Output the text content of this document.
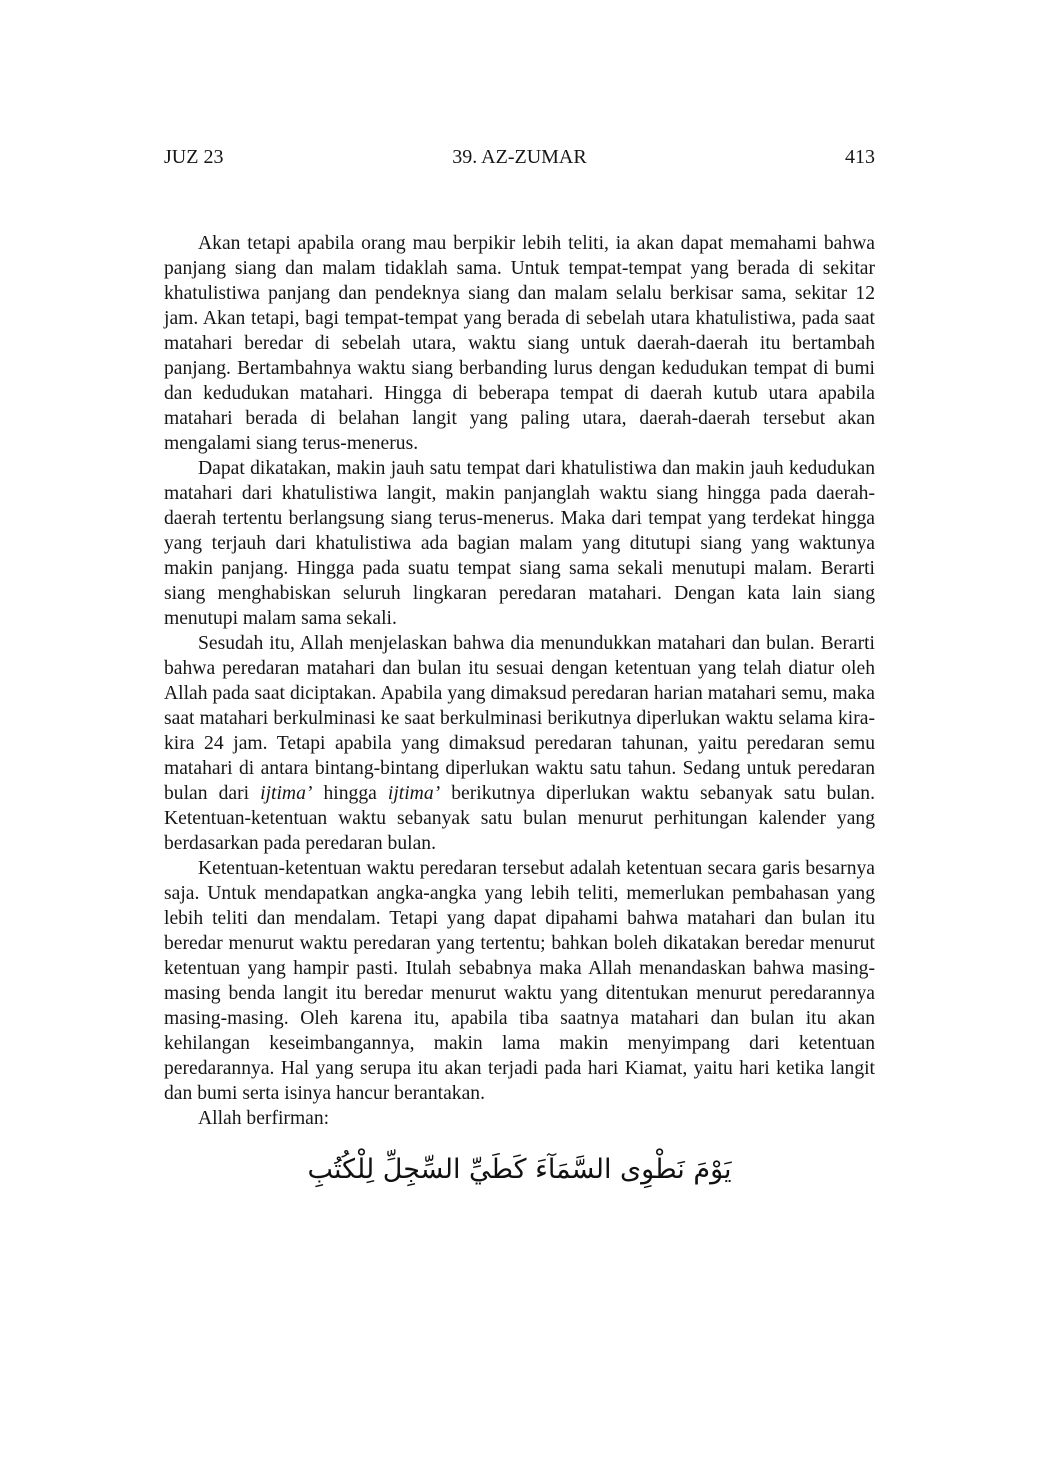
JUZ 23	39. AZ-ZUMAR	413

Akan tetapi apabila orang mau berpikir lebih teliti, ia akan dapat memahami bahwa panjang siang dan malam tidaklah sama. Untuk tempat-tempat yang berada di sekitar khatulistiwa panjang dan pendeknya siang dan malam selalu berkisar sama, sekitar 12 jam. Akan tetapi, bagi tempat-tempat yang berada di sebelah utara khatulistiwa, pada saat matahari beredar di sebelah utara, waktu siang untuk daerah-daerah itu bertambah panjang. Bertambahnya waktu siang berbanding lurus dengan kedudukan tempat di bumi dan kedudukan matahari. Hingga di beberapa tempat di daerah kutub utara apabila matahari berada di belahan langit yang paling utara, daerah-daerah tersebut akan mengalami siang terus-menerus.

Dapat dikatakan, makin jauh satu tempat dari khatulistiwa dan makin jauh kedudukan matahari dari khatulistiwa langit, makin panjanglah waktu siang hingga pada daerah-daerah tertentu berlangsung siang terus-menerus. Maka dari tempat yang terdekat hingga yang terjauh dari khatulistiwa ada bagian malam yang ditutupi siang yang waktunya makin panjang. Hingga pada suatu tempat siang sama sekali menutupi malam. Berarti siang menghabiskan seluruh lingkaran peredaran matahari. Dengan kata lain siang menutupi malam sama sekali.

Sesudah itu, Allah menjelaskan bahwa dia menundukkan matahari dan bulan. Berarti bahwa peredaran matahari dan bulan itu sesuai dengan ketentuan yang telah diatur oleh Allah pada saat diciptakan. Apabila yang dimaksud peredaran harian matahari semu, maka saat matahari berkulminasi ke saat berkulminasi berikutnya diperlukan waktu selama kira-kira 24 jam. Tetapi apabila yang dimaksud peredaran tahunan, yaitu peredaran semu matahari di antara bintang-bintang diperlukan waktu satu tahun. Sedang untuk peredaran bulan dari ijtima’ hingga ijtima’ berikutnya diperlukan waktu sebanyak satu bulan. Ketentuan-ketentuan waktu sebanyak satu bulan menurut perhitungan kalender yang berdasarkan pada peredaran bulan.

Ketentuan-ketentuan waktu peredaran tersebut adalah ketentuan secara garis besarnya saja. Untuk mendapatkan angka-angka yang lebih teliti, memerlukan pembahasan yang lebih teliti dan mendalam. Tetapi yang dapat dipahami bahwa matahari dan bulan itu beredar menurut waktu peredaran yang tertentu; bahkan boleh dikatakan beredar menurut ketentuan yang hampir pasti. Itulah sebabnya maka Allah menandaskan bahwa masing-masing benda langit itu beredar menurut waktu yang ditentukan menurut peredarannya masing-masing. Oleh karena itu, apabila tiba saatnya matahari dan bulan itu akan kehilangan keseimbangannya, makin lama makin menyimpang dari ketentuan peredarannya. Hal yang serupa itu akan terjadi pada hari Kiamat, yaitu hari ketika langit dan bumi serta isinya hancur berantakan.

Allah berfirman:

يَوْمَ نَطْوِى السَّمَآءَ كَطَيِّ السِّجِلِّ لِلْكُتُبِ
